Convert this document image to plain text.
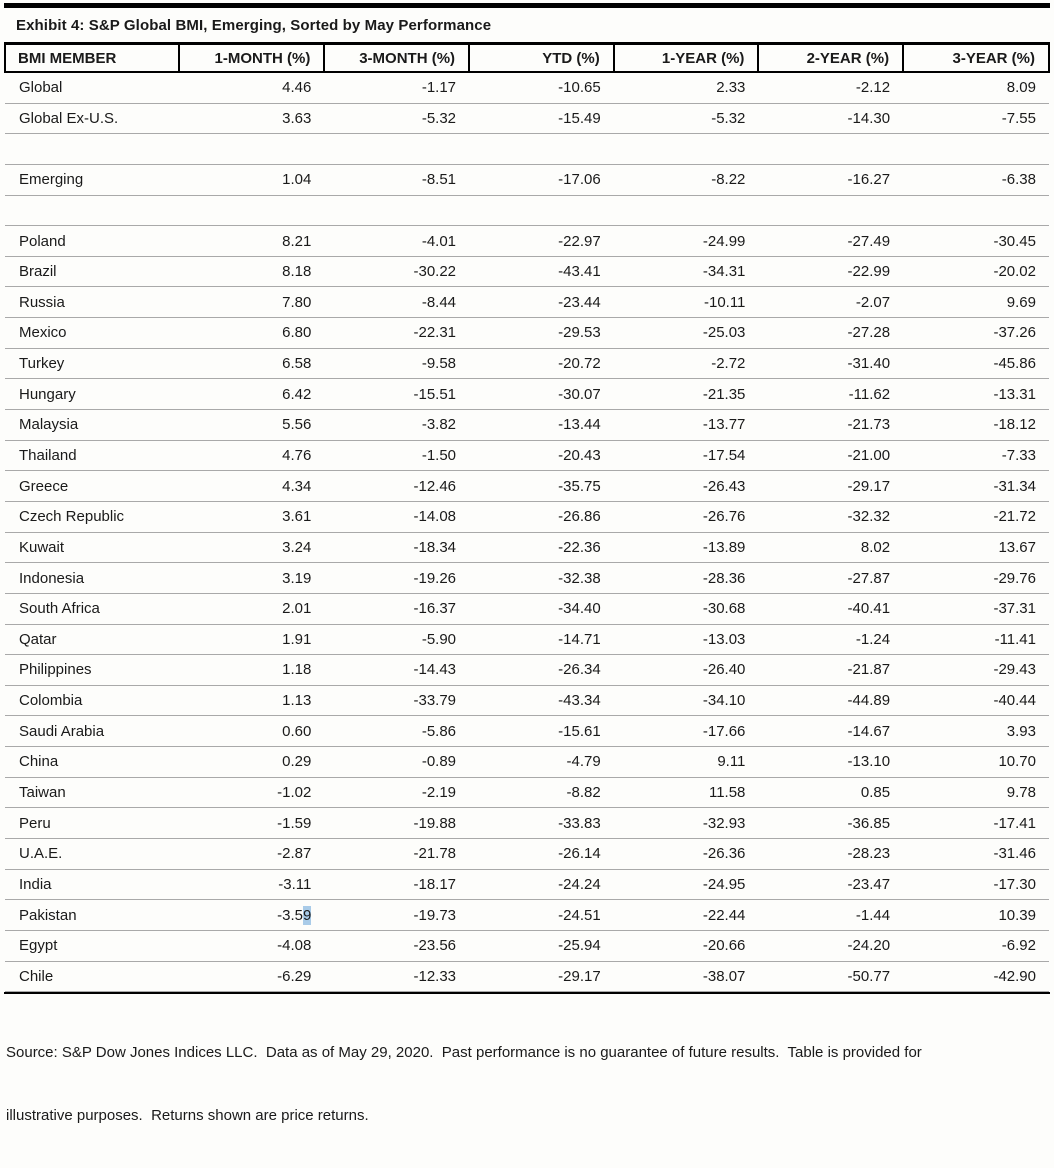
Exhibit 4: S&P Global BMI, Emerging, Sorted by May Performance
BMI MEMBER	1-MONTH (%)	3-MONTH (%)	YTD (%)	1-YEAR (%)	2-YEAR (%)	3-YEAR (%)
Global	4.46	-1.17	-10.65	2.33	-2.12	8.09
Global Ex-U.S.	3.63	-5.32	-15.49	-5.32	-14.30	-7.55

Emerging	1.04	-8.51	-17.06	-8.22	-16.27	-6.38

Poland	8.21	-4.01	-22.97	-24.99	-27.49	-30.45
Brazil	8.18	-30.22	-43.41	-34.31	-22.99	-20.02
Russia	7.80	-8.44	-23.44	-10.11	-2.07	9.69
Mexico	6.80	-22.31	-29.53	-25.03	-27.28	-37.26
Turkey	6.58	-9.58	-20.72	-2.72	-31.40	-45.86
Hungary	6.42	-15.51	-30.07	-21.35	-11.62	-13.31
Malaysia	5.56	-3.82	-13.44	-13.77	-21.73	-18.12
Thailand	4.76	-1.50	-20.43	-17.54	-21.00	-7.33
Greece	4.34	-12.46	-35.75	-26.43	-29.17	-31.34
Czech Republic	3.61	-14.08	-26.86	-26.76	-32.32	-21.72
Kuwait	3.24	-18.34	-22.36	-13.89	8.02	13.67
Indonesia	3.19	-19.26	-32.38	-28.36	-27.87	-29.76
South Africa	2.01	-16.37	-34.40	-30.68	-40.41	-37.31
Qatar	1.91	-5.90	-14.71	-13.03	-1.24	-11.41
Philippines	1.18	-14.43	-26.34	-26.40	-21.87	-29.43
Colombia	1.13	-33.79	-43.34	-34.10	-44.89	-40.44
Saudi Arabia	0.60	-5.86	-15.61	-17.66	-14.67	3.93
China	0.29	-0.89	-4.79	9.11	-13.10	10.70
Taiwan	-1.02	-2.19	-8.82	11.58	0.85	9.78
Peru	-1.59	-19.88	-33.83	-32.93	-36.85	-17.41
U.A.E.	-2.87	-21.78	-26.14	-26.36	-28.23	-31.46
India	-3.11	-18.17	-24.24	-24.95	-23.47	-17.30
Pakistan	-3.59	-19.73	-24.51	-22.44	-1.44	10.39
Egypt	-4.08	-23.56	-25.94	-20.66	-24.20	-6.92
Chile	-6.29	-12.33	-29.17	-38.07	-50.77	-42.90

Source: S&P Dow Jones Indices LLC.  Data as of May 29, 2020.  Past performance is no guarantee of future results.  Table is provided for

illustrative purposes.  Returns shown are price returns.
